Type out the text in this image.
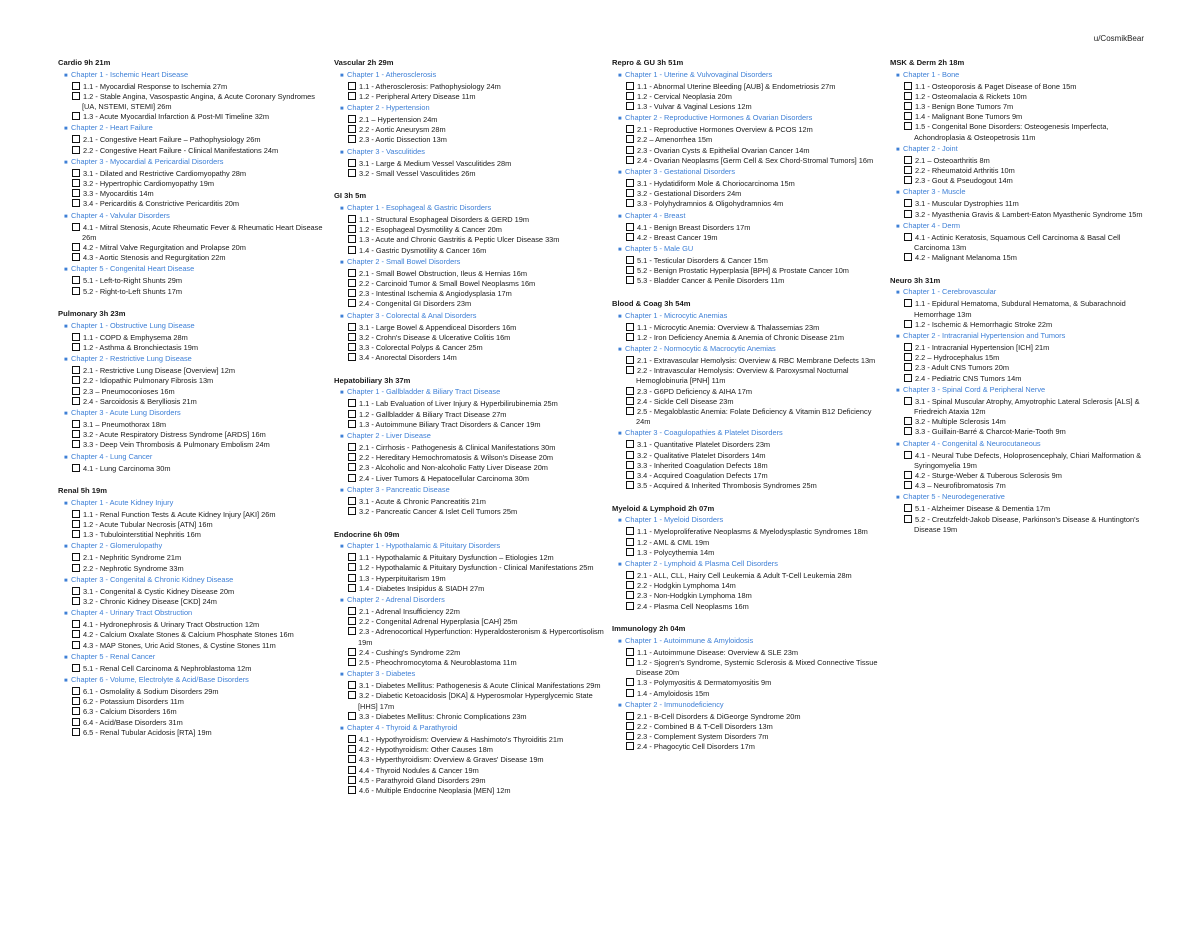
u/CosmikBear
Cardio 9h 21m
■ Chapter 1 - Ischemic Heart Disease
1.1 - Myocardial Response to Ischemia 27m
1.2 - Stable Angina, Vasospastic Angina, & Acute Coronary Syndromes [UA, NSTEMI, STEMI] 26m
1.3 - Acute Myocardial Infarction & Post-MI Timeline 32m
■ Chapter 2 - Heart Failure
2.1 - Congestive Heart Failure – Pathophysiology 26m
2.2 - Congestive Heart Failure - Clinical Manifestations 24m
■ Chapter 3 - Myocardial & Pericardial Disorders
3.1 - Dilated and Restrictive Cardiomyopathy 28m
3.2 - Hypertrophic Cardiomyopathy 19m
3.3 - Myocarditis 14m
3.4 - Pericarditis & Constrictive Pericarditis 20m
■ Chapter 4 - Valvular Disorders
4.1 - Mitral Stenosis, Acute Rheumatic Fever & Rheumatic Heart Disease 26m
4.2 - Mitral Valve Regurgitation and Prolapse 20m
4.3 - Aortic Stenosis and Regurgitation 22m
■ Chapter 5 - Congenital Heart Disease
5.1 - Left-to-Right Shunts 29m
5.2 - Right-to-Left Shunts 17m
Pulmonary 3h 23m
■ Chapter 1 - Obstructive Lung Disease
1.1 - COPD & Emphysema 28m
1.2 - Asthma & Bronchiectasis 19m
■ Chapter 2 - Restrictive Lung Disease
2.1 - Restrictive Lung Disease [Overview] 12m
2.2 - Idiopathic Pulmonary Fibrosis 13m
2.3 – Pneumoconioses 16m
2.4 - Sarcoidosis & Berylliosis 21m
■ Chapter 3 - Acute Lung Disorders
3.1 – Pneumothorax 18m
3.2 - Acute Respiratory Distress Syndrome [ARDS] 16m
3.3 - Deep Vein Thrombosis & Pulmonary Embolism 24m
■ Chapter 4 - Lung Cancer
4.1 - Lung Carcinoma 30m
Renal 5h 19m
■ Chapter 1 - Acute Kidney Injury
1.1 - Renal Function Tests & Acute Kidney Injury [AKI] 26m
1.2 - Acute Tubular Necrosis [ATN] 16m
1.3 - Tubulointerstitial Nephritis 16m
■ Chapter 2 - Glomerulopathy
2.1 - Nephritic Syndrome 21m
2.2 - Nephrotic Syndrome 33m
■ Chapter 3 - Congenital & Chronic Kidney Disease
3.1 - Congenital & Cystic Kidney Disease 20m
3.2 - Chronic Kidney Disease [CKD] 24m
■ Chapter 4 - Urinary Tract Obstruction
4.1 - Hydronephrosis & Urinary Tract Obstruction 12m
4.2 - Calcium Oxalate Stones & Calcium Phosphate Stones 16m
4.3 - MAP Stones, Uric Acid Stones, & Cystine Stones 11m
■ Chapter 5 - Renal Cancer
5.1 - Renal Cell Carcinoma & Nephroblastoma 12m
■ Chapter 6 - Volume, Electrolyte & Acid/Base Disorders
6.1 - Osmolality & Sodium Disorders 29m
6.2 - Potassium Disorders 11m
6.3 - Calcium Disorders 16m
6.4 - Acid/Base Disorders 31m
6.5 - Renal Tubular Acidosis [RTA] 19m
Vascular 2h 29m
■ Chapter 1 - Atherosclerosis
1.1 - Atherosclerosis: Pathophysiology 24m
1.2 - Peripheral Artery Disease 11m
■ Chapter 2 - Hypertension
2.1 – Hypertension 24m
2.2 - Aortic Aneurysm 28m
2.3 - Aortic Dissection 13m
■ Chapter 3 - Vasculitides
3.1 - Large & Medium Vessel Vasculitides 28m
3.2 - Small Vessel Vasculitides 26m
GI 3h 5m
■ Chapter 1 - Esophageal & Gastric Disorders
1.1 - Structural Esophageal Disorders & GERD 19m
1.2 - Esophageal Dysmotility & Cancer 20m
1.3 - Acute and Chronic Gastritis & Peptic Ulcer Disease 33m
1.4 - Gastric Dysmotility & Cancer 16m
■ Chapter 2 - Small Bowel Disorders
2.1 - Small Bowel Obstruction, Ileus & Hernias 16m
2.2 - Carcinoid Tumor & Small Bowel Neoplasms 16m
2.3 - Intestinal Ischemia & Angiodysplasia 17m
2.4 - Congenital GI Disorders 23m
■ Chapter 3 - Colorectal & Anal Disorders
3.1 - Large Bowel & Appendiceal Disorders 16m
3.2 - Crohn's Disease & Ulcerative Colitis 16m
3.3 - Colorectal Polyps & Cancer 25m
3.4 - Anorectal Disorders 14m
Hepatobiliary 3h 37m
■ Chapter 1 - Gallbladder & Biliary Tract Disease
1.1 - Lab Evaluation of Liver Injury & Hyperbilirubinemia 25m
1.2 - Gallbladder & Biliary Tract Disease 27m
1.3 - Autoimmune Biliary Tract Disorders & Cancer 19m
■ Chapter 2 - Liver Disease
2.1 - Cirrhosis - Pathogenesis & Clinical Manifestations 30m
2.2 - Hereditary Hemochromatosis & Wilson's Disease 20m
2.3 - Alcoholic and Non-alcoholic Fatty Liver Disease 20m
2.4 - Liver Tumors & Hepatocellular Carcinoma 30m
■ Chapter 3 - Pancreatic Disease
3.1 - Acute & Chronic Pancreatitis 21m
3.2 - Pancreatic Cancer & Islet Cell Tumors 25m
Endocrine 6h 09m
■ Chapter 1 - Hypothalamic & Pituitary Disorders
1.1 - Hypothalamic & Pituitary Dysfunction – Etiologies 12m
1.2 - Hypothalamic & Pituitary Dysfunction - Clinical Manifestations 25m
1.3 - Hyperpituitarism 19m
1.4 - Diabetes Insipidus & SIADH 27m
■ Chapter 2 - Adrenal Disorders
2.1 - Adrenal Insufficiency 22m
2.2 - Congenital Adrenal Hyperplasia [CAH] 25m
2.3 - Adrenocortical Hyperfunction: Hyperaldosteronism & Hypercortisolism 19m
2.4 - Cushing's Syndrome 22m
2.5 - Pheochromocytoma & Neuroblastoma 11m
■ Chapter 3 - Diabetes
3.1 - Diabetes Mellitus: Pathogenesis & Acute Clinical Manifestations 29m
3.2 - Diabetic Ketoacidosis [DKA] & Hyperosmolar Hyperglycemic State [HHS] 17m
3.3 - Diabetes Mellitus: Chronic Complications 23m
■ Chapter 4 - Thyroid & Parathyroid
4.1 - Hypothyroidism: Overview & Hashimoto's Thyroiditis 21m
4.2 - Hypothyroidism: Other Causes 18m
4.3 - Hyperthyroidism: Overview & Graves' Disease 19m
4.4 - Thyroid Nodules & Cancer 19m
4.5 - Parathyroid Gland Disorders 29m
4.6 - Multiple Endocrine Neoplasia [MEN] 12m
Repro & GU 3h 51m
■ Chapter 1 - Uterine & Vulvovaginal Disorders
1.1 - Abnormal Uterine Bleeding [AUB] & Endometriosis 27m
1.2 - Cervical Neoplasia 20m
1.3 - Vulvar & Vaginal Lesions 12m
■ Chapter 2 - Reproductive Hormones & Ovarian Disorders
2.1 - Reproductive Hormones Overview & PCOS 12m
2.2 – Amenorrhea 15m
2.3 - Ovarian Cysts & Epithelial Ovarian Cancer 14m
2.4 - Ovarian Neoplasms [Germ Cell & Sex Chord-Stromal Tumors] 16m
■ Chapter 3 - Gestational Disorders
3.1 - Hydatidiform Mole & Choriocarcinoma 15m
3.2 - Gestational Disorders 24m
3.3 - Polyhydramnios & Oligohydramnios 4m
■ Chapter 4 - Breast
4.1 - Benign Breast Disorders 17m
4.2 - Breast Cancer 19m
■ Chapter 5 - Male GU
5.1 - Testicular Disorders & Cancer 15m
5.2 - Benign Prostatic Hyperplasia [BPH] & Prostate Cancer 10m
5.3 - Bladder Cancer & Penile Disorders 11m
Blood & Coag 3h 54m
■ Chapter 1 - Microcytic Anemias
1.1 - Microcytic Anemia: Overview & Thalassemias 23m
1.2 - Iron Deficiency Anemia & Anemia of Chronic Disease 21m
■ Chapter 2 - Normocytic & Macrocytic Anemias
2.1 - Extravascular Hemolysis: Overview & RBC Membrane Defects 13m
2.2 - Intravascular Hemolysis: Overview & Paroxysmal Nocturnal Hemoglobinuria [PNH] 11m
2.3 - G6PD Deficiency & AIHA 17m
2.4 - Sickle Cell Disease 23m
2.5 - Megaloblastic Anemia: Folate Deficiency & Vitamin B12 Deficiency 24m
■ Chapter 3 - Coagulopathies & Platelet Disorders
3.1 - Quantitative Platelet Disorders 23m
3.2 - Qualitative Platelet Disorders 14m
3.3 - Inherited Coagulation Defects 18m
3.4 - Acquired Coagulation Defects 17m
3.5 - Acquired & Inherited Thrombosis Syndromes 25m
Myeloid & Lymphoid 2h 07m
■ Chapter 1 - Myeloid Disorders
1.1 - Myeloproliferative Neoplasms & Myelodysplastic Syndromes 18m
1.2 - AML & CML 19m
1.3 - Polycythemia 14m
■ Chapter 2 - Lymphoid & Plasma Cell Disorders
2.1 - ALL, CLL, Hairy Cell Leukemia & Adult T-Cell Leukemia 28m
2.2 - Hodgkin Lymphoma 14m
2.3 - Non-Hodgkin Lymphoma 18m
2.4 - Plasma Cell Neoplasms 16m
Immunology 2h 04m
■ Chapter 1 - Autoimmune & Amyloidosis
1.1 - Autoimmune Disease: Overview & SLE 23m
1.2 - Sjogren's Syndrome, Systemic Sclerosis & Mixed Connective Tissue Disease 20m
1.3 - Polymyositis & Dermatomyositis 9m
1.4 - Amyloidosis 15m
■ Chapter 2 - Immunodeficiency
2.1 - B-Cell Disorders & DiGeorge Syndrome 20m
2.2 - Combined B & T-Cell Disorders 13m
2.3 - Complement System Disorders 7m
2.4 - Phagocytic Cell Disorders 17m
MSK & Derm 2h 18m
■ Chapter 1 - Bone
1.1 - Osteoporosis & Paget Disease of Bone 15m
1.2 - Osteomalacia & Rickets 10m
1.3 - Benign Bone Tumors 7m
1.4 - Malignant Bone Tumors 9m
1.5 - Congenital Bone Disorders: Osteogenesis Imperfecta, Achondroplasia & Osteopetrosis 11m
■ Chapter 2 - Joint
2.1 – Osteoarthritis 8m
2.2 - Rheumatoid Arthritis 10m
2.3 - Gout & Pseudogout 14m
■ Chapter 3 - Muscle
3.1 - Muscular Dystrophies 11m
3.2 - Myasthenia Gravis & Lambert-Eaton Myasthenic Syndrome 15m
■ Chapter 4 - Derm
4.1 - Actinic Keratosis, Squamous Cell Carcinoma & Basal Cell Carcinoma 13m
4.2 - Malignant Melanoma 15m
Neuro 3h 31m
■ Chapter 1 - Cerebrovascular
1.1 - Epidural Hematoma, Subdural Hematoma, & Subarachnoid Hemorrhage 13m
1.2 - Ischemic & Hemorrhagic Stroke 22m
■ Chapter 2 - Intracranial Hypertension and Tumors
2.1 - Intracranial Hypertension [ICH] 21m
2.2 – Hydrocephalus 15m
2.3 - Adult CNS Tumors 20m
2.4 - Pediatric CNS Tumors 14m
■ Chapter 3 - Spinal Cord & Peripheral Nerve
3.1 - Spinal Muscular Atrophy, Amyotrophic Lateral Sclerosis [ALS] & Friedreich Ataxia 12m
3.2 - Multiple Sclerosis 14m
3.3 - Guillain-Barré & Charcot-Marie-Tooth 9m
■ Chapter 4 - Congenital & Neurocutaneous
4.1 - Neural Tube Defects, Holoprosencephaly, Chiari Malformation & Syringomyelia 19m
4.2 - Sturge-Weber & Tuberous Sclerosis 9m
4.3 – Neurofibromatosis 7m
■ Chapter 5 - Neurodegenerative
5.1 - Alzheimer Disease & Dementia 17m
5.2 - Creutzfeldt-Jakob Disease, Parkinson's Disease & Huntington's Disease 19m
